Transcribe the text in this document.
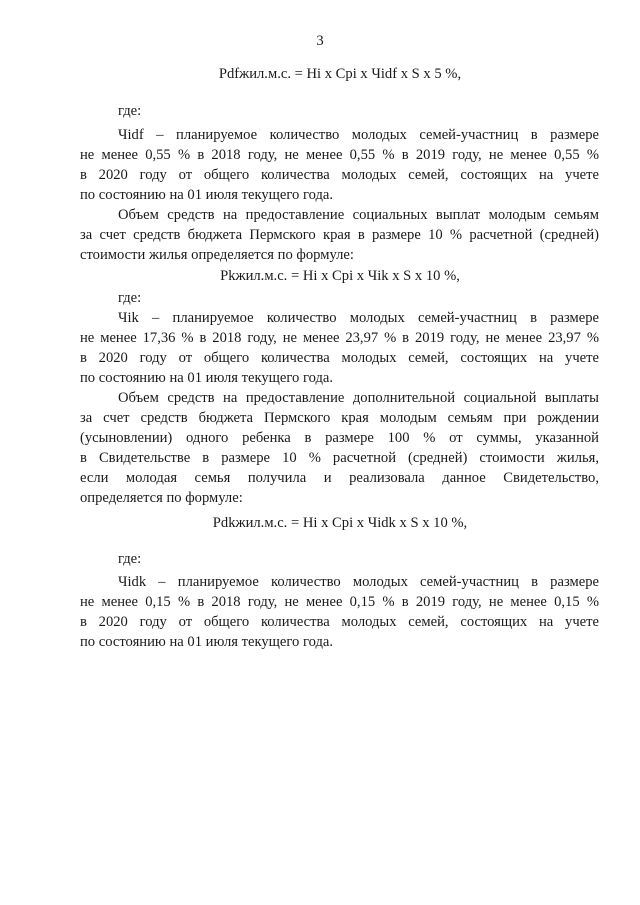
3
Pdfжил.м.с. = Hi x Cpi x Чidf x S x 5 %,
где:
Чidf – планируемое количество молодых семей-участниц в размере
не менее 0,55 % в 2018 году, не менее 0,55 % в 2019 году, не менее 0,55 %
в 2020 году от общего количества молодых семей, состоящих на учете
по состоянию на 01 июля текущего года.
Объем средств на предоставление социальных выплат молодым семьям
за счет средств бюджета Пермского края в размере 10 % расчетной (средней)
стоимости жилья определяется по формуле:
Pkжил.м.с. = Hi x Cpi x Чik x S x 10 %,
где:
Чik – планируемое количество молодых семей-участниц в размере
не менее 17,36 % в 2018 году, не менее 23,97 % в 2019 году, не менее 23,97 %
в 2020 году от общего количества молодых семей, состоящих на учете
по состоянию на 01 июля текущего года.
Объем средств на предоставление дополнительной социальной выплаты
за счет средств бюджета Пермского края молодым семьям при рождении
(усыновлении) одного ребенка в размере 100 % от суммы, указанной
в Свидетельстве в размере 10 % расчетной (средней) стоимости жилья,
если молодая семья получила и реализовала данное Свидетельство,
определяется по формуле:
Pdkжил.м.с. = Hi x Cpi x Чidk x S x 10 %,
где:
Чidk – планируемое количество молодых семей-участниц в размере
не менее 0,15 % в 2018 году, не менее 0,15 % в 2019 году, не менее 0,15 %
в 2020 году от общего количества молодых семей, состоящих на учете
по состоянию на 01 июля текущего года.
